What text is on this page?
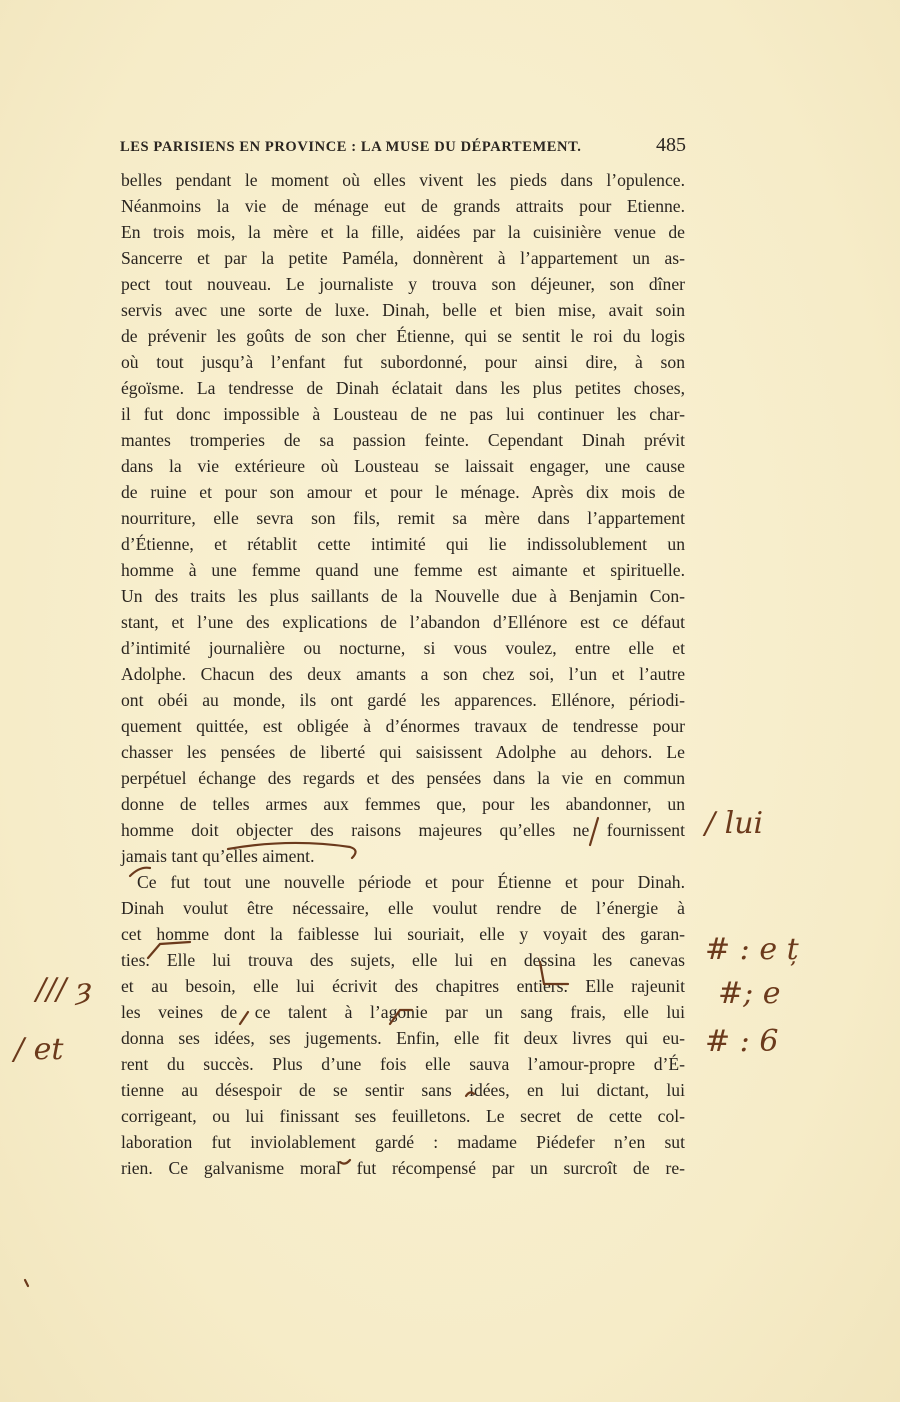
LES PARISIENS EN PROVINCE : LA MUSE DU DÉPARTEMENT.	485
belles pendant le moment où elles vivent les pieds dans l’opulence.
Néanmoins la vie de ménage eut de grands attraits pour Etienne.
En trois mois, la mère et la fille, aidées par la cuisinière venue de
Sancerre et par la petite Paméla, donnèrent à l’appartement un as-
pect tout nouveau. Le journaliste y trouva son déjeuner, son dîner
servis avec une sorte de luxe. Dinah, belle et bien mise, avait soin
de prévenir les goûts de son cher Étienne, qui se sentit le roi du logis
où tout jusqu’à l’enfant fut subordonné, pour ainsi dire, à son
égoïsme. La tendresse de Dinah éclatait dans les plus petites choses,
il fut donc impossible à Lousteau de ne pas lui continuer les char-
mantes tromperies de sa passion feinte. Cependant Dinah prévit
dans la vie extérieure où Lousteau se laissait engager, une cause
de ruine et pour son amour et pour le ménage. Après dix mois de
nourriture, elle sevra son fils, remit sa mère dans l’appartement
d’Étienne, et rétablit cette intimité qui lie indissolublement un
homme à une femme quand une femme est aimante et spirituelle.
Un des traits les plus saillants de la Nouvelle due à Benjamin Con-
stant, et l’une des explications de l’abandon d’Ellénore est ce défaut
d’intimité journalière ou nocturne, si vous voulez, entre elle et
Adolphe. Chacun des deux amants a son chez soi, l’un et l’autre
ont obéi au monde, ils ont gardé les apparences. Ellénore, périodi-
quement quittée, est obligée à d’énormes travaux de tendresse pour
chasser les pensées de liberté qui saisissent Adolphe au dehors. Le
perpétuel échange des regards et des pensées dans la vie en commun
donne de telles armes aux femmes que, pour les abandonner, un
homme doit objecter des raisons majeures qu’elles ne fournissent
jamais tant qu’elles aiment.
Ce fut tout une nouvelle période et pour Étienne et pour Dinah.
Dinah voulut être nécessaire, elle voulut rendre de l’énergie à
cet homme dont la faiblesse lui souriait, elle y voyait des garan-
ties. Elle lui trouva des sujets, elle lui en dessina les canevas
et au besoin, elle lui écrivit des chapitres entiers. Elle rajeunit
les veines de ce talent à l’agonie par un sang frais, elle lui
donna ses idées, ses jugements. Enfin, elle fit deux livres qui eu-
rent du succès. Plus d’une fois elle sauva l’amour-propre d’É-
tienne au désespoir de se sentir sans idées, en lui dictant, lui
corrigeant, ou lui finissant ses feuilletons. Le secret de cette col-
laboration fut inviolablement gardé : madame Piédefer n’en sut
rien. Ce galvanisme moral fut récompensé par un surcroît de re-
/ lui
# : e ț
#; e
# : 6
/// ȝ
/ et
